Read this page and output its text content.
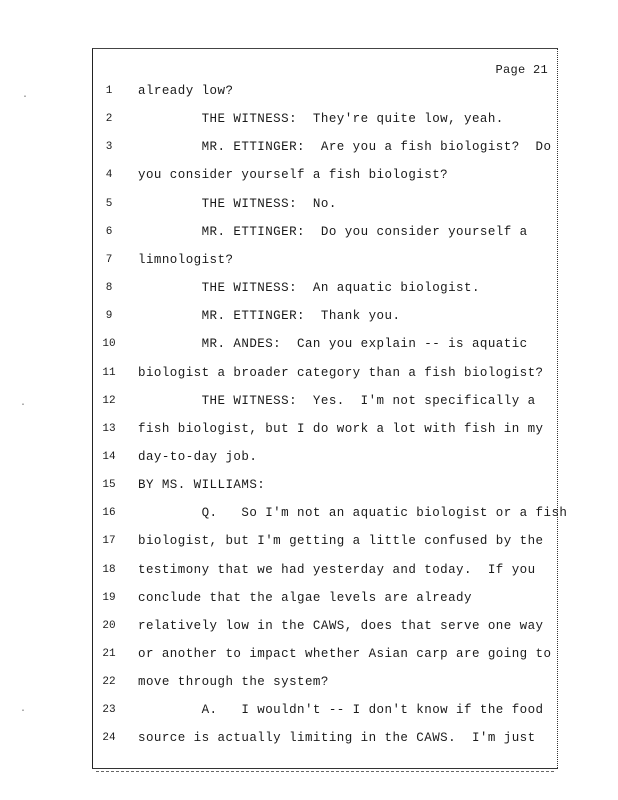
·
·
·
Page 21
1	already low?
2	THE WITNESS:  They're quite low, yeah.
3	MR. ETTINGER:  Are you a fish biologist?  Do
4	you consider yourself a fish biologist?
5	THE WITNESS:  No.
6	MR. ETTINGER:  Do you consider yourself a
7	limnologist?
8	THE WITNESS:  An aquatic biologist.
9	MR. ETTINGER:  Thank you.
10	MR. ANDES:  Can you explain -- is aquatic
11	biologist a broader category than a fish biologist?
12	THE WITNESS:  Yes.  I'm not specifically a
13	fish biologist, but I do work a lot with fish in my
14	day-to-day job.
15	BY MS. WILLIAMS:
16	Q.   So I'm not an aquatic biologist or a fish
17	biologist, but I'm getting a little confused by the
18	testimony that we had yesterday and today.  If you
19	conclude that the algae levels are already
20	relatively low in the CAWS, does that serve one way
21	or another to impact whether Asian carp are going to
22	move through the system?
23	A.   I wouldn't -- I don't know if the food
24	source is actually limiting in the CAWS.  I'm just
